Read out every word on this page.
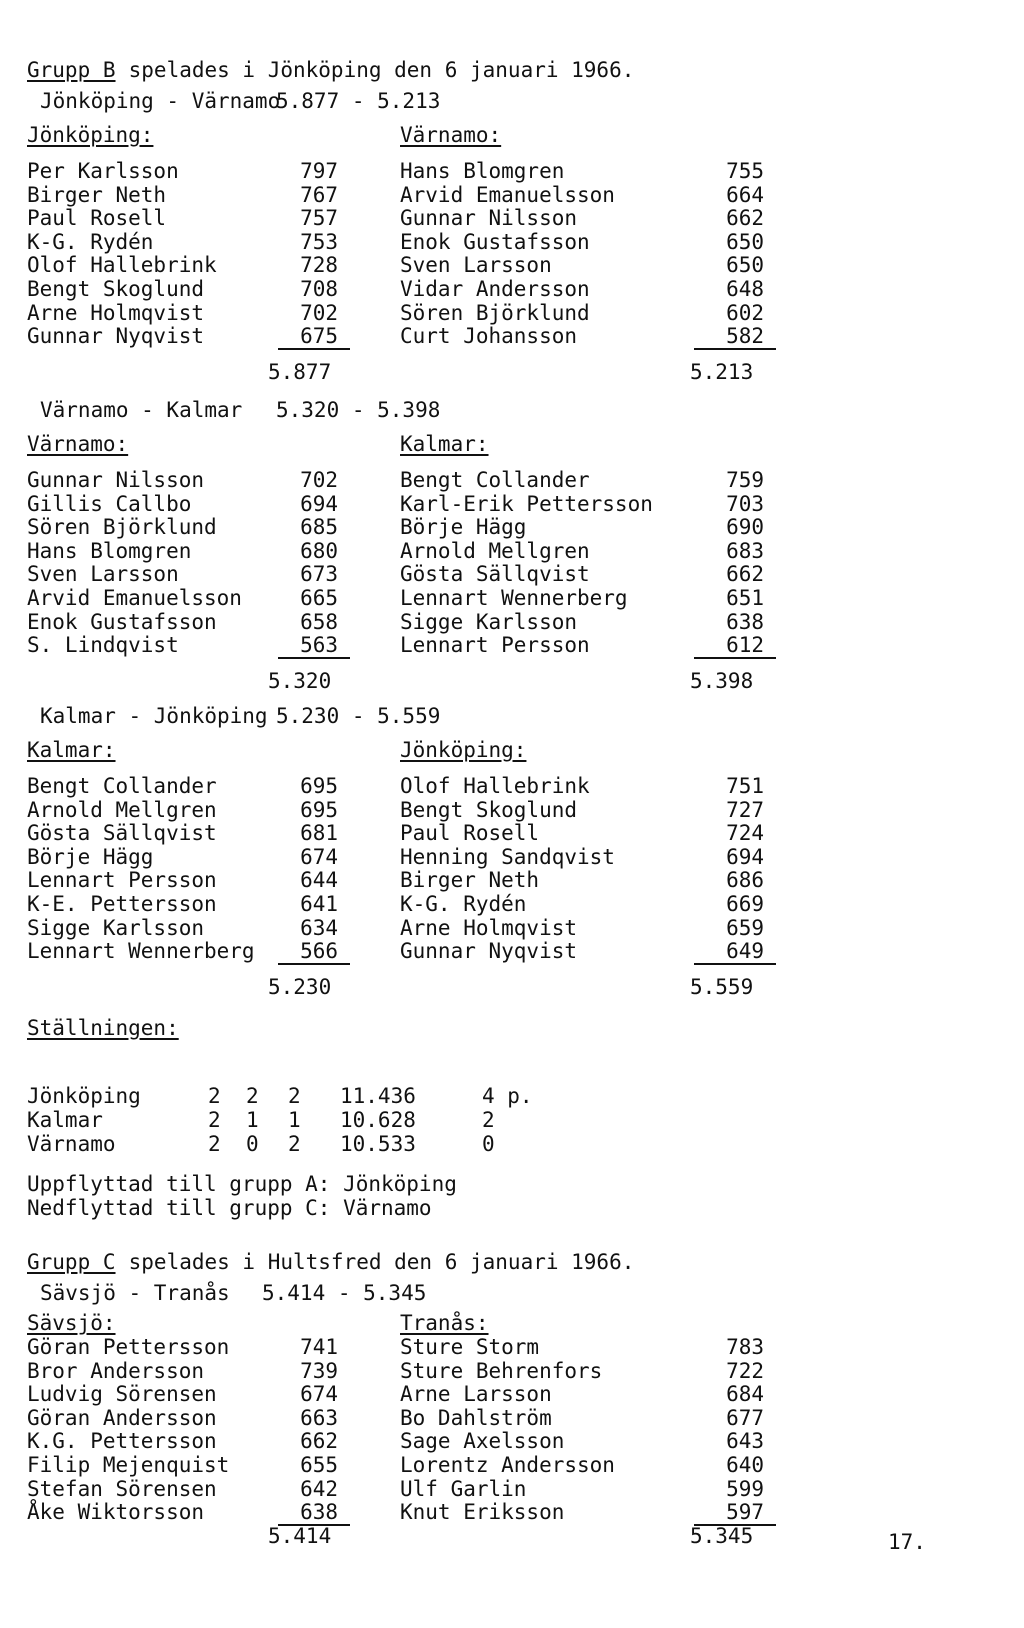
Grupp B spelades i Jönköping den 6 januari 1966.
Jönköping - Värnamo
5.877 - 5.213
Jönköping:	Värnamo:
Per Karlsson	797	Hans Blomgren	755
Birger Neth	767	Arvid Emanuelsson	664
Paul Rosell	757	Gunnar Nilsson	662
K-G. Rydén	753	Enok Gustafsson	650
Olof Hallebrink	728	Sven Larsson	650
Bengt Skoglund	708	Vidar Andersson	648
Arne Holmqvist	702	Sören Björklund	602
Gunnar Nyqvist	675	Curt Johansson	582
5.877	5.213
Värnamo - Kalmar 5.320 - 5.398
Värnamo:	Kalmar:
Gunnar Nilsson	702	Bengt Collander	759
Gillis Callbo	694	Karl-Erik Pettersson	703
Sören Björklund	685	Börje Hägg	690
Hans Blomgren	680	Arnold Mellgren	683
Sven Larsson	673	Gösta Sällqvist	662
Arvid Emanuelsson	665	Lennart Wennerberg	651
Enok Gustafsson	658	Sigge Karlsson	638
S. Lindqvist	563	Lennart Persson	612
5.320	5.398
Kalmar - Jönköping 5.230 - 5.559
Kalmar:	Jönköping:
Bengt Collander	695	Olof Hallebrink	751
Arnold Mellgren	695	Bengt Skoglund	727
Gösta Sällqvist	681	Paul Rosell	724
Börje Hägg	674	Henning Sandqvist	694
Lennart Persson	644	Birger Neth	686
K-E. Pettersson	641	K-G. Rydén	669
Sigge Karlsson	634	Arne Holmqvist	659
Lennart Wennerberg	566	Gunnar Nyqvist	649
5.230	5.559
Ställningen:
Jönköping	2 2 2 11.436	4 p.
Kalmar	2 1 1 10.628	2
Värnamo	2 0 2 10.533	0
Uppflyttad till grupp A: Jönköping
Nedflyttad till grupp C: Värnamo
Grupp C spelades i Hultsfred den 6 januari 1966.
Sävsjö - Tranås 5.414 - 5.345
Sävsjö:	Tranås:
Göran Pettersson	741	Sture Storm	783
Bror Andersson	739	Sture Behrenfors	722
Ludvig Sörensen	674	Arne Larsson	684
Göran Andersson	663	Bo Dahlström	677
K.G. Pettersson	662	Sage Axelsson	643
Filip Mejenquist	655	Lorentz Andersson	640
Stefan Sörensen	642	Ulf Garlin	599
Åke Wiktorsson	638	Knut Eriksson	597
5.414	5.345	17.
